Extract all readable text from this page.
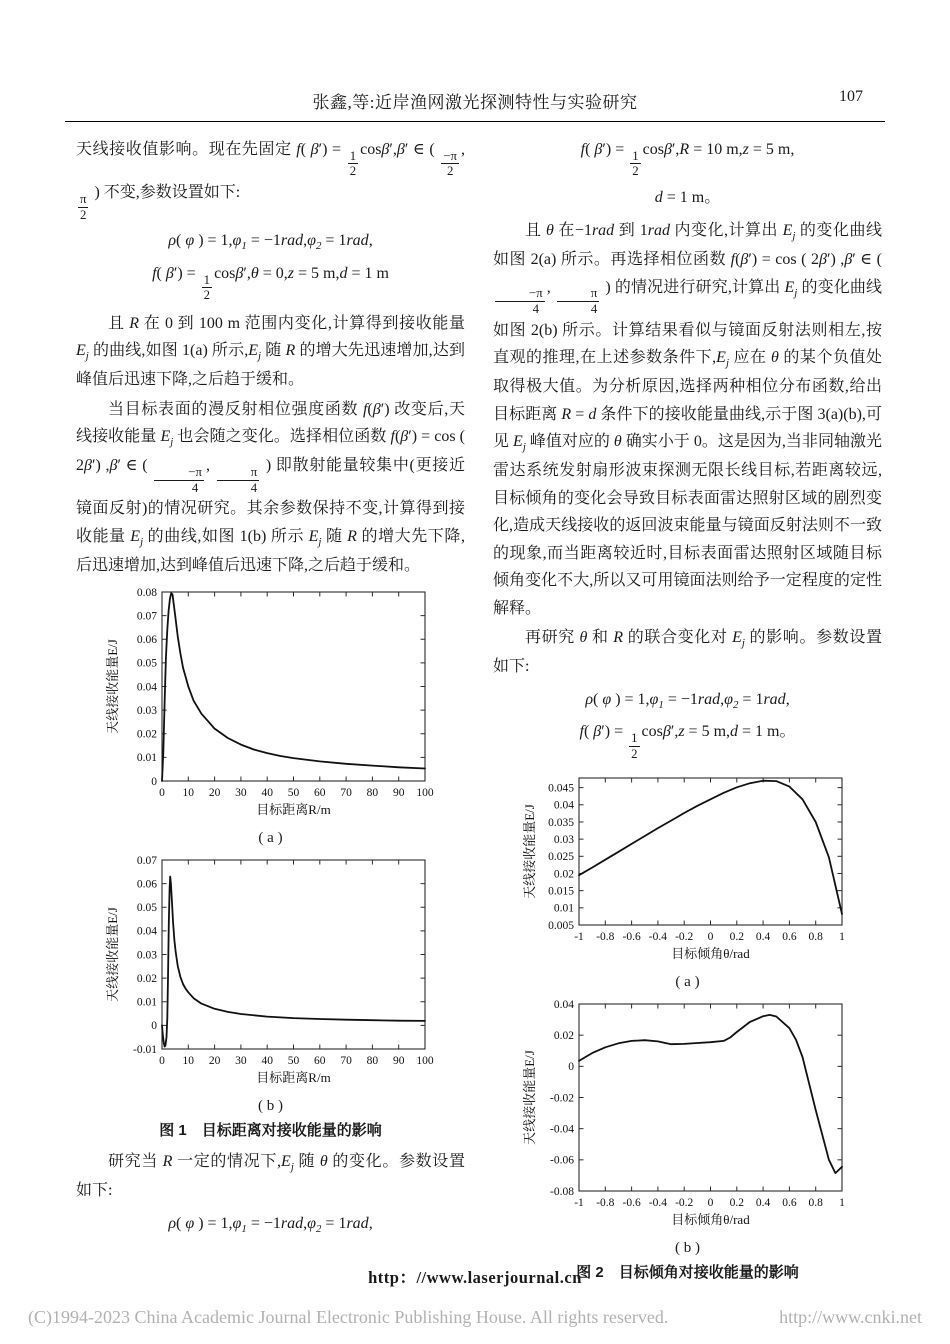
张鑫,等:近岸渔网激光探测特性与实验研究	107

天线接收值影响。现在先固定 f( $\beta') = \frac{1}{2} \cos\beta',\beta'$ ∈ ( $\frac{-\pi}{2}$ ,
$\frac{\pi}{2}$ ) 不变,参数设置如下:

ρ( φ ) = $1,\varphi_1 = -1rad,\varphi_2 = 1rad$,
f( $\beta') = \frac{1}{2} \cos\beta',\theta = 0,z = 5$ m,d = 1 m

且 R 在 0 到 100 m 范围内变化,计算得到接收能量 $E_j$ 的曲线,如图 1(a) 所示$,E_j$ 随 R 的增大先迅速增加,达到峰值后迅速下降,之后趋于缓和。

当目标表面的漫反射相位强度函数 f(β′) 改变后,天线接收能量 $E_j$ 也会随之变化。选择相位函数 f(β′) = cos ( 2β′) ,β′ ∈ ( $\frac{-\pi}{4}$ , $\frac{\pi}{4}$ ) 即散射能量较集中(更接近镜面反射)的情况研究。其余参数保持不变,计算得到接收能量 $E_j$ 的曲线,如图 1(b) 所示 $E_j$ 随 R 的增大先下降,后迅速增加,达到峰值后迅速下降,之后趋于缓和。

0 10 20 30 40 50 60 70 80 90 100
0
0.01
0.02
0.03
0.04
0.05
0.06
0.07
0.08
目标距离R/m
天线接收能量E/J
( a )
0 10 20 30 40 50 60 70 80 90 100
-0.01
0
0.01
0.02
0.03
0.04
0.05
0.06
0.07
目标距离R/m
天线接收能量E/J
( b )
图 1　目标距离对接收能量的影响

研究当 R 一定的情况下$,E_j$ 随 θ 的变化。参数设置如下:

ρ( φ ) = $1,\varphi_1 = -1rad,\varphi_2 = 1rad$,
f( $\beta') = \frac{1}{2} \cos\beta',R = 10$ m,z = 5 m,
d = 1 m。

且 θ 在−1rad 到 1rad 内变化,计算出 $E_j$ 的变化曲线如图 2(a) 所示。再选择相位函数 f(β′) = cos ( 2β′) ,β′ ∈ (
$\frac{-\pi}{4}$ , $\frac{\pi}{4}$ ) 的情况进行研究,计算出 $E_j$ 的变化曲线如图 2(b) 所示。计算结果看似与镜面反射法则相左,按直观的推理,在上述参数条件下$,E_j$ 应在 θ 的某个负值处取得极大值。为分析原因,选择两种相位分布函数,给出目标距离 R = d 条件下的接收能量曲线,示于图 3(a)(b),可见 $E_j$ 峰值对应的 θ 确实小于 0。这是因为,当非同轴激光雷达系统发射扇形波束探测无限长线目标,若距离较远,目标倾角的变化会导致目标表面雷达照射区域的剧烈变化,造成天线接收的返回波束能量与镜面反射法则不一致的现象,而当距离较近时,目标表面雷达照射区域随目标倾角变化不大,所以又可用镜面法则给予一定程度的定性解释。

再研究 θ 和 R 的联合变化对 $E_j$ 的影响。参数设置如下:

ρ( φ ) = $1,\varphi_1 = -1rad,\varphi_2 = 1rad$,
f( $\beta') = \frac{1}{2} \cos\beta',z = 5$ m,d = 1 m。
-1 -0.8 -0.6 -0.4 -0.2 0 0.2 0.4 0.6 0.8 1
0.005
0.01
0.015
0.02
0.025
0.03
0.035
0.04
0.045
目标倾角θ/rad
天线接收能量E/J
( a )
-1 -0.8 -0.6 -0.4 -0.2 0 0.2 0.4 0.6 0.8 1
-0.08
-0.06
-0.04
-0.02
0
0.02
0.04
目标倾角θ/rad
天线接收能量E/J
( b )
图 2　目标倾角对接收能量的影响
http：//www.laserjournal.cn
(C)1994-2023 China Academic Journal Electronic Publishing House. All rights reserved.	http://www.cnki.net
